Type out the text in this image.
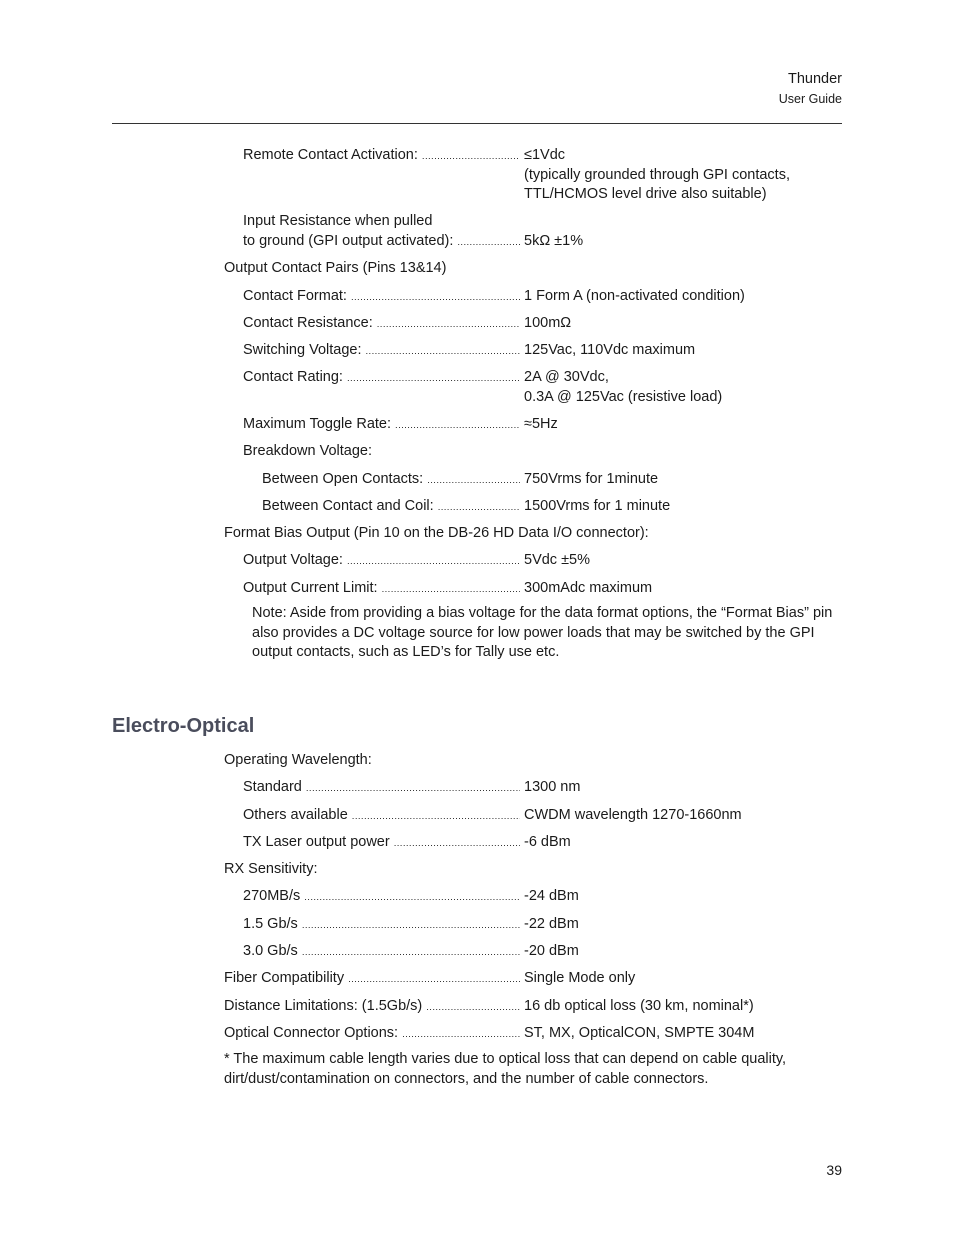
Thunder
User Guide
Remote Contact Activation: .....	≤1Vdc
(typically grounded through GPI contacts,
TTL/HCMOS level drive also suitable)
Input Resistance when pulled
to ground (GPI output activated): .....	5kΩ ±1%
Output Contact Pairs (Pins 13&14)
Contact Format: .....	1 Form A (non-activated condition)
Contact Resistance: .....	100mΩ
Switching Voltage: .....	125Vac, 110Vdc maximum
Contact Rating: .....	2A @ 30Vdc,
0.3A @ 125Vac (resistive load)
Maximum Toggle Rate: .....	≈5Hz
Breakdown Voltage:
Between Open Contacts: .....	750Vrms for 1minute
Between Contact and Coil: .....	1500Vrms for 1 minute
Format Bias Output (Pin 10 on the DB-26 HD Data I/O connector):
Output Voltage: .....	5Vdc ±5%
Output Current Limit: .....	300mAdc maximum
Note: Aside from providing a bias voltage for the data format options, the “Format Bias” pin also provides a DC voltage source for low power loads that may be switched by the GPI output contacts, such as LED’s for Tally use etc.
Electro-Optical
Operating Wavelength:
Standard .....	1300 nm
Others available .....	CWDM wavelength 1270-1660nm
TX Laser output power .....	-6 dBm
RX Sensitivity:
270MB/s .....	-24 dBm
1.5 Gb/s .....	-22 dBm
3.0 Gb/s .....	-20 dBm
Fiber Compatibility .....	Single Mode only
Distance Limitations: (1.5Gb/s) .....	16 db optical loss (30 km, nominal*)
Optical Connector Options: .....	ST, MX, OpticalCON, SMPTE 304M
* The maximum cable length varies due to optical loss that can depend on cable quality, dirt/dust/contamination on connectors, and the number of cable connectors.
39
